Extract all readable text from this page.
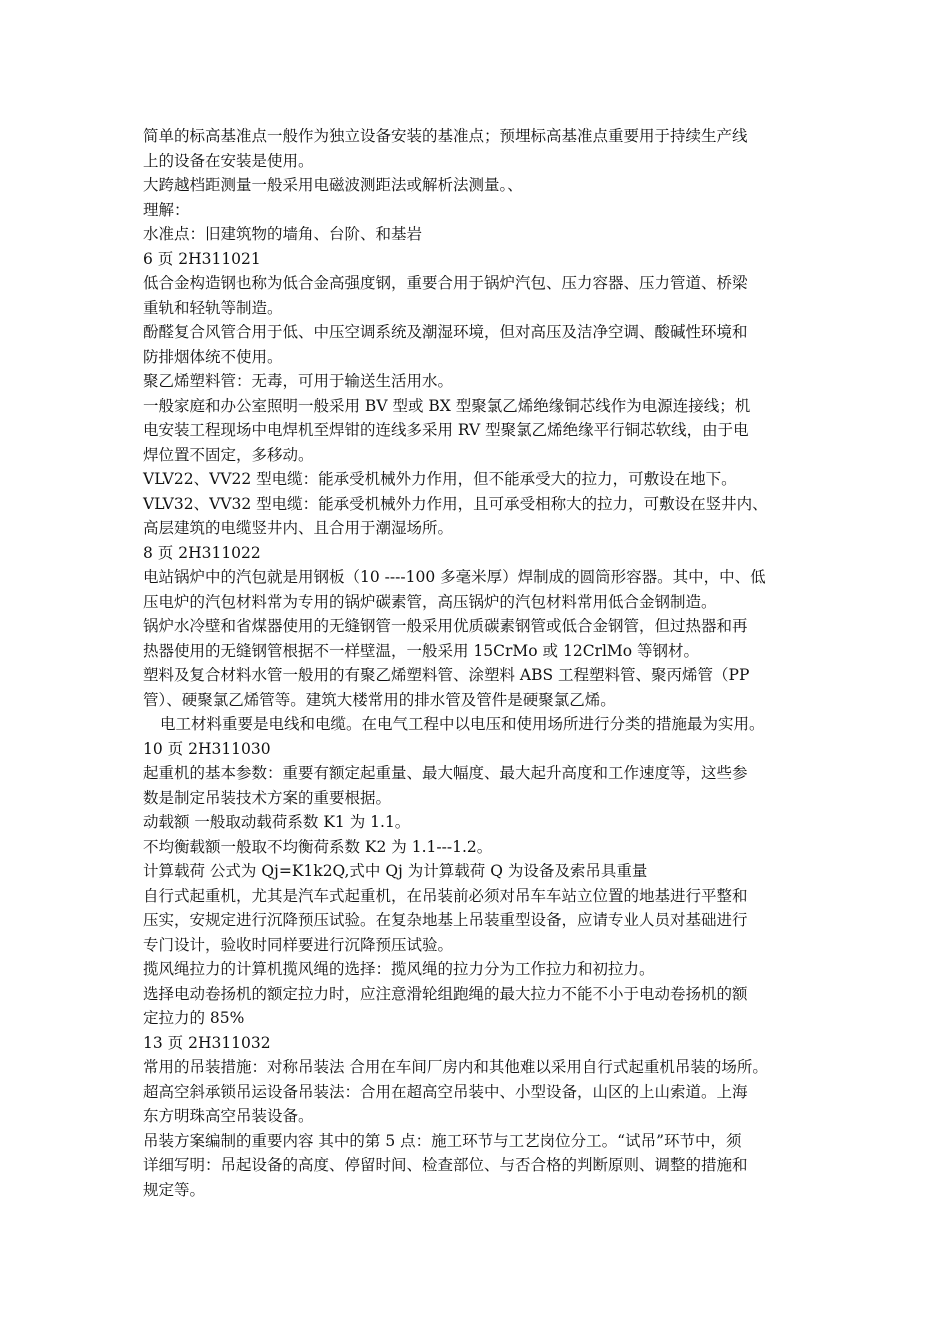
简单的标高基准点一般作为独立设备安装的基准点；预埋标高基准点重要用于持续生产线

上的设备在安装是使用。

大跨越档距测量一般采用电磁波测距法或解析法测量。、

理解：

水准点：旧建筑物的墙角、台阶、和基岩

6 页 2H311021

低合金构造钢也称为低合金高强度钢，重要合用于锅炉汽包、压力容器、压力管道、桥梁

重轨和轻轨等制造。

酚醛复合风管合用于低、中压空调系统及潮湿环境，但对高压及洁净空调、酸碱性环境和

防排烟体统不使用。

聚乙烯塑料管：无毒，可用于输送生活用水。

一般家庭和办公室照明一般采用 BV 型或 BX 型聚氯乙烯绝缘铜芯线作为电源连接线；机

电安装工程现场中电焊机至焊钳的连线多采用 RV 型聚氯乙烯绝缘平行铜芯软线，由于电

焊位置不固定，多移动。

VLV22、VV22 型电缆：能承受机械外力作用，但不能承受大的拉力，可敷设在地下。

VLV32、VV32 型电缆：能承受机械外力作用，且可承受相称大的拉力，可敷设在竖井内、

高层建筑的电缆竖井内、且合用于潮湿场所。

8 页 2H311022

电站锅炉中的汽包就是用钢板（10 ----100 多毫米厚）焊制成的圆筒形容器。其中，中、低

压电炉的汽包材料常为专用的锅炉碳素管，高压锅炉的汽包材料常用低合金钢制造。

锅炉水冷壁和省煤器使用的无缝钢管一般采用优质碳素钢管或低合金钢管，但过热器和再

热器使用的无缝钢管根据不一样壁温，一般采用 15CrMo 或 12CrlMo 等钢材。

塑料及复合材料水管一般用的有聚乙烯塑料管、涂塑料 ABS 工程塑料管、聚丙烯管（PP

管）、硬聚氯乙烯管等。建筑大楼常用的排水管及管件是硬聚氯乙烯。

电工材料重要是电线和电缆。在电气工程中以电压和使用场所进行分类的措施最为实用。

10 页 2H311030

起重机的基本参数：重要有额定起重量、最大幅度、最大起升高度和工作速度等，这些参

数是制定吊装技术方案的重要根据。

动载额 一般取动载荷系数 K1 为 1.1。

不均衡载额一般取不均衡荷系数 K2 为 1.1---1.2。

计算载荷 公式为 Qj=K1k2Q,式中 Qj 为计算载荷 Q 为设备及索吊具重量

自行式起重机，尤其是汽车式起重机，在吊装前必须对吊车车站立位置的地基进行平整和

压实，安规定进行沉降预压试验。在复杂地基上吊装重型设备，应请专业人员对基础进行

专门设计，验收时同样要进行沉降预压试验。

揽风绳拉力的计算机揽风绳的选择：揽风绳的拉力分为工作拉力和初拉力。

选择电动卷扬机的额定拉力时，应注意滑轮组跑绳的最大拉力不能不小于电动卷扬机的额

定拉力的 85%

13 页 2H311032

常用的吊装措施：对称吊装法 合用在车间厂房内和其他难以采用自行式起重机吊装的场所。

超高空斜承锁吊运设备吊装法：合用在超高空吊装中、小型设备，山区的上山索道。上海

东方明珠高空吊装设备。

吊装方案编制的重要内容 其中的第 5 点：施工环节与工艺岗位分工。“试吊”环节中，须

详细写明：吊起设备的高度、停留时间、检查部位、与否合格的判断原则、调整的措施和

规定等。
